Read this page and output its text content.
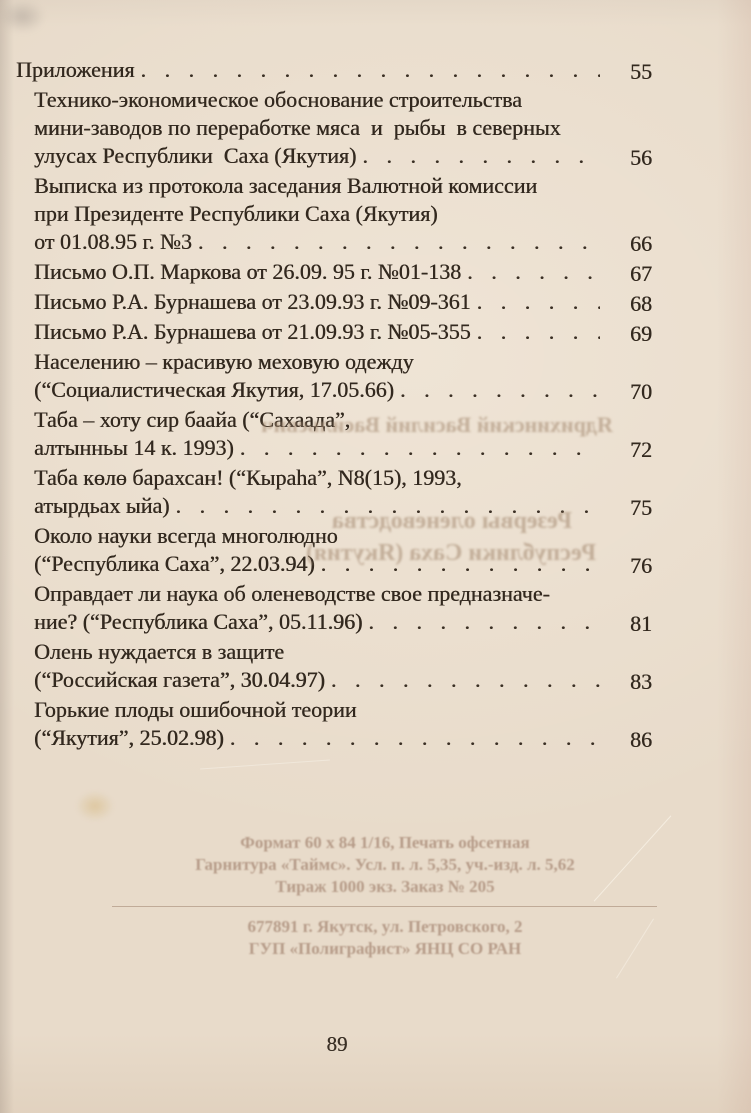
Приложения . . .	55
Технико-экономическое обоснование строительства
мини-заводов по переработке мяса  и  рыбы  в северных
улусах Республики  Саха (Якутия) . . .	56
Выписка из протокола заседания Валютной комиссии
при Президенте Республики Саха (Якутия)
от 01.08.95 г. №3 . . .	66
Письмо О.П. Маркова от 26.09. 95 г. №01-138 . . .	67
Письмо Р.А. Бурнашева от 23.09.93 г. №09-361 . . .	68
Письмо Р.А. Бурнашева от 21.09.93 г. №05-355 . . .	69
Населению – красивую меховую одежду
(“Социалистическая Якутия, 17.05.66) . . .	70
Таба – хоту сир баайа (“Сахаада”,
алтынньы 14 к. 1993) . . .	72
Таба көлө барахсан! (“Кыраһа”, N8(15), 1993,
атырдьах ыйа) . . .	75
Около науки всегда многолюдно
(“Республика Саха”, 22.03.94) . . .	76
Оправдает ли наука об оленеводстве свое предназначе-
ние? (“Республика Саха”, 05.11.96) . . .	81
Олень нуждается в защите
(“Российская газета”, 30.04.97) . . .	83
Горькие плоды ошибочной теории
(“Якутия”, 25.02.98) . . .	86
Ядрихинский Василий Васильевич
Резервы оленеводства
Республики Саха (Якутия)
Формат 60 х 84 1/16, Печать офсетная
Гарнитура «Таймс». Усл. п. л. 5,35, уч.-изд. л. 5,62
Тираж 1000 экз. Заказ № 205
677891 г. Якутск, ул. Петровского, 2
ГУП «Полиграфист» ЯНЦ СО РАН
89
